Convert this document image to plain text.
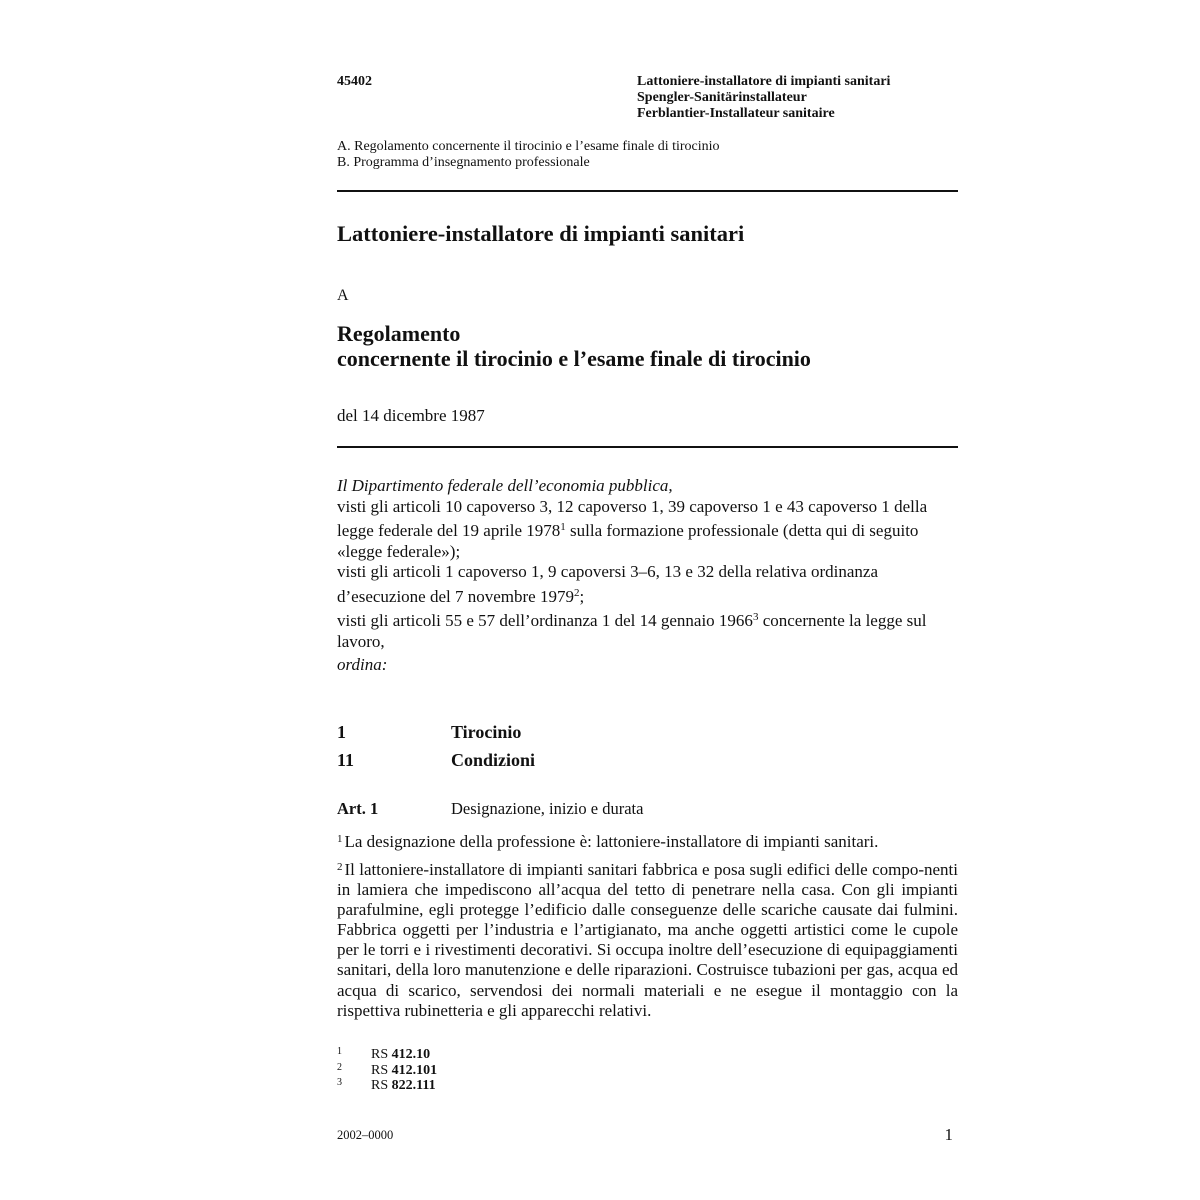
45402	Lattoniere-installatore di impianti sanitari
Spengler-Sanitärinstallateur
Ferblantier-Installateur sanitaire
A. Regolamento concernente il tirocinio e l’esame finale di tirocinio
B. Programma d’insegnamento professionale
Lattoniere-installatore di impianti sanitari
A
Regolamento
concernente il tirocinio e l’esame finale di tirocinio
del 14 dicembre 1987

Il Dipartimento federale dell’economia pubblica,

visti gli articoli 10 capoverso 3, 12 capoverso 1, 39 capoverso 1 e 43 capoverso 1 della legge federale del 19 aprile 1978$^1$ sulla formazione professionale (detta qui di seguito «legge federale»);

visti gli articoli 1 capoverso 1, 9 capoversi 3–6, 13 e 32 della relativa ordinanza d’esecuzione del 7 novembre 1979$^2$;

visti gli articoli 55 e 57 dell’ordinanza 1 del 14 gennaio 1966$^3$ concernente la legge sul lavoro,

ordina:

1	Tirocinio
11	Condizioni
Art. 1	Designazione, inizio e durata

$^1$ La designazione della professione è: lattoniere-installatore di impianti sanitari.

$^2$ Il lattoniere-installatore di impianti sanitari fabbrica e posa sugli edifici delle compo-nenti in lamiera che impediscono all’acqua del tetto di penetrare nella casa. Con gli impianti parafulmine, egli protegge l’edificio dalle conseguenze delle scariche causate dai fulmini. Fabbrica oggetti per l’industria e l’artigianato, ma anche oggetti artistici come le cupole per le torri e i rivestimenti decorativi. Si occupa inoltre dell’esecuzione di equipaggiamenti sanitari, della loro manutenzione e delle riparazioni. Costruisce tubazioni per gas, acqua ed acqua di scarico, servendosi dei normali materiali e ne esegue il montaggio con la rispettiva rubinetteria e gli apparecchi relativi.

1 RS 412.10
2 RS 412.101
3 RS 822.111
2002–0000	1
